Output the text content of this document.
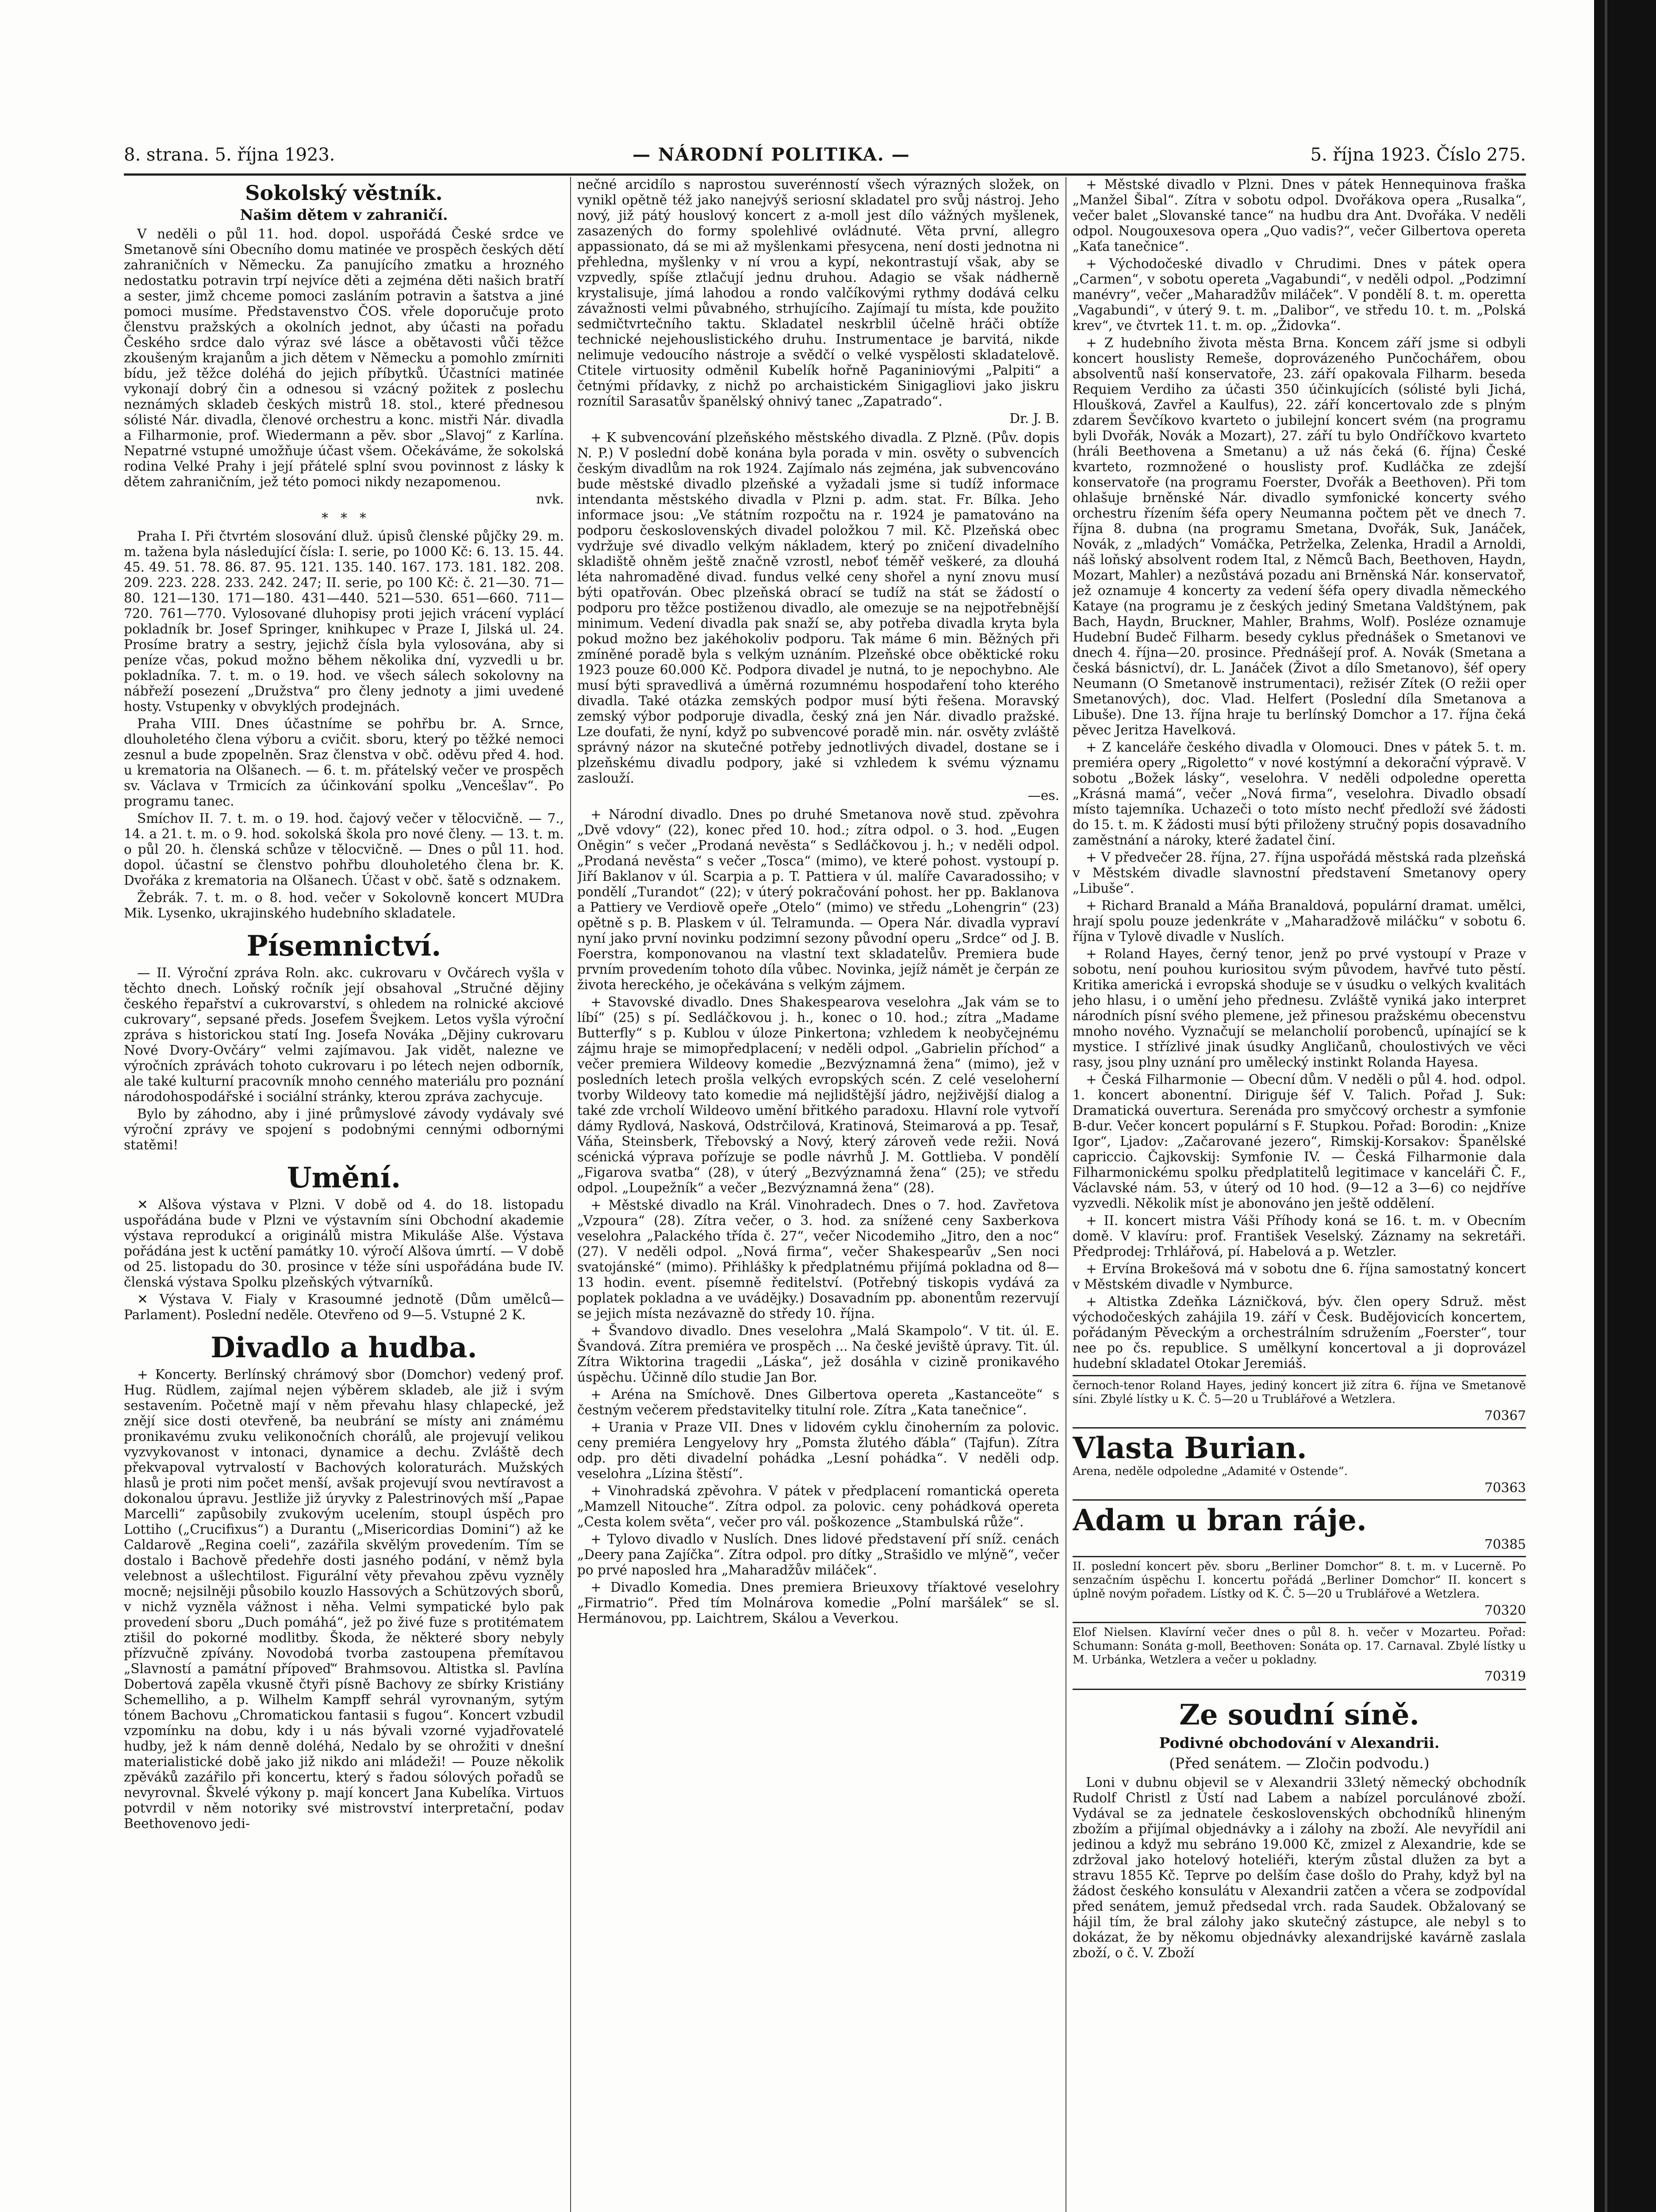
8. strana. 5. října 1923.	— NÁRODNÍ POLITIKA. —	5. října 1923. Číslo 275.
Sokolský věstník.
Našim dětem v zahraničí.

V neděli o půl 11. hod. dopol. uspořádá České srdce ve Smetanově síni Obecního domu matinée ve prospěch českých dětí zahraničních v Německu. Za panujícího zmatku a hrozného nedostatku potravin trpí nejvíce děti a zejména děti našich bratří a sester, jimž chceme pomoci zasláním potravin a šatstva a jiné pomoci musíme. Představenstvo ČOS. vřele doporučuje proto členstvu pražských a okolních jednot, aby účasti na pořadu Českého srdce dalo výraz své lásce a obětavosti vůči těžce zkoušeným krajanům a jich dětem v Německu a pomohlo zmírniti bídu, jež těžce doléhá do jejich příbytků. Účastníci matinée vykonají dobrý čin a odnesou si vzácný požitek z poslechu neznámých skladeb českých mistrů 18. stol., které přednesou sólisté Nár. divadla, členové orchestru a konc. mistři Nár. divadla a Filharmonie, prof. Wiedermann a pěv. sbor „Slavoj“ z Karlína. Nepatrné vstupné umožňuje účast všem. Očekáváme, že sokolská rodina Velké Prahy i její přátelé splní svou povinnost z lásky k dětem zahraničním, jež této pomoci nikdy nezapomenou.

nvk.
*   *   *

Praha I. Při čtvrtém slosování dluž. úpisů členské půjčky 29. m. m. tažena byla následující čísla: I. serie, po 1000 Kč: 6. 13. 15. 44. 45. 49. 51. 78. 86. 87. 95. 121. 135. 140. 167. 173. 181. 182. 208. 209. 223. 228. 233. 242. 247; II. serie, po 100 Kč: č. 21—30. 71—80. 121—130. 171—180. 431—440. 521—530. 651—660. 711—720. 761—770. Vylosované dluhopisy proti jejich vrácení vyplácí pokladník br. Josef Springer, knihkupec v Praze I, Jilská ul. 24. Prosíme bratry a sestry, jejichž čísla byla vylosována, aby si peníze včas, pokud možno během několika dní, vyzvedli u br. pokladníka. 7. t. m. o 19. hod. ve všech sálech sokolovny na nábřeží posezení „Družstva“ pro členy jednoty a jimi uvedené hosty. Vstupenky v obvyklých prodejnách.

Praha VIII. Dnes účastníme se pohřbu br. A. Srnce, dlouholetého člena výboru a cvičit. sboru, který po těžké nemoci zesnul a bude zpopelněn. Sraz členstva v obč. oděvu před 4. hod. u krematoria na Olšanech. — 6. t. m. přátelský večer ve prospěch sv. Václava v Trmicích za účinkování spolku „Vencešlav“. Po programu tanec.

Smíchov II. 7. t. m. o 19. hod. čajový večer v tělocvičně. — 7., 14. a 21. t. m. o 9. hod. sokolská škola pro nové členy. — 13. t. m. o půl 20. h. členská schůze v tělocvičně. — Dnes o půl 11. hod. dopol. účastní se členstvo pohřbu dlouholetého člena br. K. Dvořáka z krematoria na Olšanech. Účast v obč. šatě s odznakem.

Žebrák. 7. t. m. o 8. hod. večer v Sokolovně koncert MUDra Mik. Lysenko, ukrajinského hudebního skladatele.

Písemnictví.

— II. Výroční zpráva Roln. akc. cukrovaru v Ovčárech vyšla v těchto dnech. Loňský ročník její obsahoval „Stručné dějiny českého řepařství a cukrovarství, s ohledem na rolnické akciové cukrovary“, sepsané předs. Josefem Švejkem. Letos vyšla výroční zpráva s historickou statí Ing. Josefa Nováka „Dějiny cukrovaru Nové Dvory-Ovčáry“ velmi zajímavou. Jak vidět, nalezne ve výročních zprávách tohoto cukrovaru i po létech nejen odborník, ale také kulturní pracovník mnoho cenného materiálu pro poznání národohospodářské i sociální stránky, kterou zpráva zachycuje.

Bylo by záhodno, aby i jiné průmyslové závody vydávaly své výroční zprávy ve spojení s podobnými cennými odbornými statěmi!

Umění.

✕ Alšova výstava v Plzni. V době od 4. do 18. listopadu uspořádána bude v Plzni ve výstavním síni Obchodní akademie výstava reprodukcí a originálů mistra Mikuláše Alše. Výstava pořádána jest k uctění památky 10. výročí Alšova úmrtí. — V době od 25. listopadu do 30. prosince v téže síni uspořádána bude IV. členská výstava Spolku plzeňských výtvarníků.

✕ Výstava V. Fialy v Krasoumné jednotě (Dům umělců—Parlament). Poslední neděle. Otevřeno od 9—5. Vstupné 2 K.

Divadlo a hudba.

+ Koncerty. Berlínský chrámový sbor (Domchor) vedený prof. Hug. Rüdlem, zajímal nejen výběrem skladeb, ale již i svým sestavením. Početně mají v něm převahu hlasy chlapecké, jež znějí sice dosti otevřeně, ba neubrání se místy ani známému pronikavému zvuku velikonočních chorálů, ale projevují velikou vyzvykovanost v intonaci, dynamice a dechu. Zvláště dech překvapoval vytrvalostí v Bachových koloraturách. Mužských hlasů je proti nim počet menší, avšak projevují svou nevtíravost a dokonalou úpravu. Jestliže již úryvky z Palestrinových mší „Papae Marcelli“ zapůsobily zvukovým ucelením, stoupl úspěch pro Lottiho („Crucifixus“) a Durantu („Misericordias Domini“) až ke Caldarově „Regina coeli“, zazářila skvělým provedením. Tím se dostalo i Bachově předehře dosti jasného podání, v němž byla velebnost a ušlechtilost. Figurální věty převahou zpěvu vyzněly mocně; nejsilněji působilo kouzlo Hassových a Schützových sborů, v nichž vyzněla vážnost i něha. Velmi sympatické bylo pak provedení sboru „Duch pomáhá“, jež po živé fuze s protitématem ztišil do pokorné modlitby. Škoda, že některé sbory nebyly přízvučně zpívány. Novodobá tvorba zastoupena přemítavou „Slavností a památní přípoveď“ Brahmsovou. Altistka sl. Pavlína Dobertová zapěla vkusně čtyři písně Bachovy ze sbírky Kristiány Schemelliho, a p. Wilhelm Kampff sehrál vyrovnaným, sytým tónem Bachovu „Chromatickou fantasii s fugou“. Koncert vzbudil vzpomínku na dobu, kdy i u nás bývali vzorné vyjadřovatelé hudby, jež k nám denně doléhá, Nedalo by se ohrožiti v dnešní materialistické době jako již nikdo ani mládeži! — Pouze několik zpěváků zazářilo při koncertu, který s řadou sólových pořadů se nevyrovnal. Škvelé výkony p. mají koncert Jana Kubelíka. Virtuos potvrdil v něm notoriky své mistrovství interpretační, podav Beethovenovo jedi-

nečné arcidílo s naprostou suverénností všech výrazných složek, on vynikl opětně též jako nanejvýš seriosní skladatel pro svůj nástroj. Jeho nový, již pátý houslový koncert z a-moll jest dílo vážných myšlenek, zasazených do formy spolehlivé ovládnuté. Věta první, allegro appassionato, dá se mi až myšlenkami přesycena, není dosti jednotna ni přehledna, myšlenky v ní vrou a kypí, nekontrastují však, aby se vzpvedly, spíše ztlačují jednu druhou. Adagio se však nádherně krystalisuje, jímá lahodou a rondo valčíkovými rythmy dodává celku závažnosti velmi půvabného, strhujícího. Zajímají tu místa, kde použito sedmičtvrtečního taktu. Skladatel neskrblil účelně hráči obtíže technické nejehouslistického druhu. Instrumentace je barvitá, nikde nelimuje vedoucího nástroje a svědčí o velké vyspělosti skladatelově. Ctitele virtuosity odměnil Kubelík hořně Paganiniovými „Palpiti“ a četnými přídavky, z nichž po archaistickém Sinigagliovi jako jiskru roznítil Sarasatův španělský ohnivý tanec „Zapatrado“.

Dr. J. B.

+ K subvencování plzeňského městského divadla. Z Plzně. (Pův. dopis N. P.) V poslední době konána byla porada v min. osvěty o subvencích českým divadlům na rok 1924. Zajímalo nás zejména, jak subvencováno bude městské divadlo plzeňské a vyžadali jsme si tudíž informace intendanta městského divadla v Plzni p. adm. stat. Fr. Bílka. Jeho informace jsou: „Ve státním rozpočtu na r. 1924 je pamatováno na podporu československých divadel položkou 7 mil. Kč. Plzeňská obec vydržuje své divadlo velkým nákladem, který po zničení divadelního skladiště ohněm ještě značně vzrostl, neboť téměř veškeré, za dlouhá léta nahromaděné divad. fundus velké ceny shořel a nyní znovu musí býti opatřován. Obec plzeňská obrací se tudíž na stát se žádostí o podporu pro těžce postiženou divadlo, ale omezuje se na nejpotřebnější minimum. Vedení divadla pak snaží se, aby potřeba divadla kryta byla pokud možno bez jakéhokoliv podporu. Tak máme 6 min. Běžných při zmíněné poradě byla s velkým uznáním. Plzeňské obce oběktické roku 1923 pouze 60.000 Kč. Podpora divadel je nutná, to je nepochybno. Ale musí býti spravedlivá a úměrná rozumnému hospodaření toho kterého divadla. Také otázka zemských podpor musí býti řešena. Moravský zemský výbor podporuje divadla, český zná jen Nár. divadlo pražské. Lze doufati, že nyní, když po subvencové poradě min. nár. osvěty zvláště správný názor na skutečné potřeby jednotlivých divadel, dostane se i plzeňskému divadlu podpory, jaké si vzhledem k svému významu zaslouží.

—es.

+ Národní divadlo. Dnes po druhé Smetanova nově stud. zpěvohra „Dvě vdovy“ (22), konec před 10. hod.; zítra odpol. o 3. hod. „Eugen Oněgin“ s večer „Prodaná nevěsta“ s Sedláčkovou j. h.; v neděli odpol. „Prodaná nevěsta“ s večer „Tosca“ (mimo), ve které pohost. vystoupí p. Jiří Baklanov v úl. Scarpia a p. T. Pattiera v úl. malíře Cavaradossiho; v pondělí „Turandot“ (22); v úterý pokračování pohost. her pp. Baklanova a Pattiery ve Verdiově opeře „Otelo“ (mimo) ve středu „Lohengrin“ (23) opětně s p. B. Plaskem v úl. Telramunda. — Opera Nár. divadla vypraví nyní jako první novinku podzimní sezony původní operu „Srdce“ od J. B. Foerstra, komponovanou na vlastní text skladatelův. Premiera bude prvním provedením tohoto díla vůbec. Novinka, jejíž námět je čerpán ze života hereckého, je očekávána s velkým zájmem.

+ Stavovské divadlo. Dnes Shakespearova veselohra „Jak vám se to líbí“ (25) s pí. Sedláčkovou j. h., konec o 10. hod.; zítra „Madame Butterfly“ s p. Kublou v úloze Pinkertona; vzhledem k neobyčejnému zájmu hraje se mimopředplacení; v neděli odpol. „Gabrielin příchod“ a večer premiera Wildeovy komedie „Bezvýznamná žena“ (mimo), jež v posledních letech prošla velkých evropských scén. Z celé veseloherní tvorby Wildeovy tato komedie má nejlidštější jádro, nejživější dialog a také zde vrcholí Wildeovo umění břitkého paradoxu. Hlavní role vytvoří dámy Rydlová, Nasková, Odstrčilová, Kratinová, Steimarová a pp. Tesař, Váňa, Steinsberk, Třebovský a Nový, který zároveň vede režii. Nová scénická výprava pořízuje se podle návrhů J. M. Gottlieba. V pondělí „Figarova svatba“ (28), v úterý „Bezvýznamná žena“ (25); ve středu odpol. „Loupežník“ a večer „Bezvýznamná žena“ (28).

+ Městské divadlo na Král. Vinohradech. Dnes o 7. hod. Zavřetova „Vzpoura“ (28). Zítra večer, o 3. hod. za snížené ceny Saxberkova veselohra „Palackého třída č. 27“, večer Nicodemiho „Jitro, den a noc“ (27). V neděli odpol. „Nová firma“, večer Shakespearův „Sen noci svatojánské“ (mimo). Přihlášky k předplatnému přijímá pokladna od 8—13 hodin. event. písemně ředitelství. (Potřebný tiskopis vydává za poplatek pokladna a ve uvádějky.) Dosavadním pp. abonentům rezervují se jejich místa nezávazně do středy 10. října.

+ Švandovo divadlo. Dnes veselohra „Malá Skampolo“. V tit. úl. E. Švandová. Zítra premiéra ve prospěch ... Na české jeviště úpravy. Tit. úl. Zítra Wiktorina tragedii „Láska“, jež dosáhla v cizině pronikavého úspěchu. Účinně dílo studie Jan Bor.

+ Aréna na Smíchově. Dnes Gilbertova opereta „Kastanceöte“ s čestným večerem představitelky titulní role. Zítra „Kata tanečnice“.

+ Urania v Praze VII. Dnes v lidovém cyklu činoherním za polovic. ceny premiéra Lengyelovy hry „Pomsta žlutého ďábla“ (Tajfun). Zítra odp. pro děti divadelní pohádka „Lesní pohádka“. V neděli odp. veselohra „Lízina štěstí“.

+ Vinohradská zpěvohra. V pátek v předplacení romantická opereta „Mamzell Nitouche“. Zítra odpol. za polovic. ceny pohádková opereta „Cesta kolem světa“, večer pro vál. poškozence „Stambulská růže“.

+ Tylovo divadlo v Nuslích. Dnes lidové představení pří sníž. cenách „Deery pana Zajíčka“. Zítra odpol. pro dítky „Strašidlo ve mlýně“, večer po prvé naposled hra „Maharadžův miláček“.

+ Divadlo Komedia. Dnes premiera Brieuxovy tříaktové veselohry „Firmatrio“. Před tím Molnárova komedie „Polní maršálek“ se sl. Hermánovou, pp. Laichtrem, Skálou a Veverkou.

+ Městské divadlo v Plzni. Dnes v pátek Hennequinova fraška „Manžel Šibal“. Zítra v sobotu odpol. Dvořákova opera „Rusalka“, večer balet „Slovanské tance“ na hudbu dra Ant. Dvořáka. V neděli odpol. Nougouxesova opera „Quo vadis?“, večer Gilbertova opereta „Kaťa tanečnice“.

+ Východočeské divadlo v Chrudimi. Dnes v pátek opera „Carmen“, v sobotu opereta „Vagabundi“, v neděli odpol. „Podzimní manévry“, večer „Maharadžův miláček“. V pondělí 8. t. m. operetta „Vagabundi“, v úterý 9. t. m. „Dalibor“, ve středu 10. t. m. „Polská krev“, ve čtvrtek 11. t. m. op. „Židovka“.

+ Z hudebního života města Brna. Koncem září jsme si odbyli koncert houslisty Remeše, doprovázeného Punčochářem, obou absolventů naší konservatoře, 23. září opakovala Filharm. beseda Requiem Verdiho za účasti 350 účinkujících (sólisté byli Jichá, Hloušková, Zavřel a Kaulfus), 22. září koncertovalo zde s plným zdarem Ševčíkovo kvarteto o jubilejní koncert svém (na programu byli Dvořák, Novák a Mozart), 27. září tu bylo Ondříčkovo kvarteto (hráli Beethovena a Smetanu) a už nás čeká (6. října) České kvarteto, rozmnožené o houslisty prof. Kudláčka ze zdejší konservatoře (na programu Foerster, Dvořák a Beethoven). Při tom ohlašuje brněnské Nár. divadlo symfonické koncerty svého orchestru řízením šéfa opery Neumanna počtem pět ve dnech 7. října 8. dubna (na programu Smetana, Dvořák, Suk, Janáček, Novák, z „mladých“ Vomáčka, Petrželka, Zelenka, Hradil a Arnoldi, náš loňský absolvent rodem Ital, z Němců Bach, Beethoven, Haydn, Mozart, Mahler) a nezůstává pozadu ani Brněnská Nár. konservatoř, jež oznamuje 4 koncerty za vedení šéfa opery divadla německého Kataye (na programu je z českých jediný Smetana Valdštýnem, pak Bach, Haydn, Bruckner, Mahler, Brahms, Wolf). Posléze oznamuje Hudební Budeč Filharm. besedy cyklus přednášek o Smetanovi ve dnech 4. října—20. prosince. Přednášejí prof. A. Novák (Smetana a česká básnictví), dr. L. Janáček (Život a dílo Smetanovo), šéf opery Neumann (O Smetanově instrumentaci), režisér Zítek (O režii oper Smetanových), doc. Vlad. Helfert (Poslední díla Smetanova a Libuše). Dne 13. října hraje tu berlínský Domchor a 17. října čeká pěvec Jeritza Havelková.

+ Z kanceláře českého divadla v Olomouci. Dnes v pátek 5. t. m. premiéra opery „Rigoletto“ v nové kostýmní a dekorační výpravě. V sobotu „Božek lásky“, veselohra. V neděli odpoledne operetta „Krásná mamá“, večer „Nová firma“, veselohra. Divadlo obsadí místo tajemníka. Uchazeči o toto místo nechť předloží své žádosti do 15. t. m. K žádosti musí býti přiloženy stručný popis dosavadního zaměstnání a nároky, které žadatel činí.

+ V předvečer 28. října, 27. října uspořádá městská rada plzeňská v Městském divadle slavnostní představení Smetanovy opery „Libuše“.

+ Richard Branald a Máňa Branaldová, populární dramat. umělci, hrají spolu pouze jedenkráte v „Maharadžově miláčku“ v sobotu 6. října v Tylově divadle v Nuslích.

+ Roland Hayes, černý tenor, jenž po prvé vystoupí v Praze v sobotu, není pouhou kuriositou svým původem, havřvé tuto pěstí. Kritika americká i evropská shoduje se v úsudku o velkých kvalitách jeho hlasu, i o umění jeho přednesu. Zvláště vyniká jako interpret národních písní svého plemene, jež přinesou pražskému obecenstvu mnoho nového. Vyznačují se melancholií porobenců, upínající se k mystice. I střízlivé jinak úsudky Angličanů, choulostivých ve věci rasy, jsou plny uznání pro umělecký instinkt Rolanda Hayesa.

+ Česká Filharmonie — Obecní dům. V neděli o půl 4. hod. odpol. 1. koncert abonentní. Diriguje šéf V. Talich. Pořad J. Suk: Dramatická ouvertura. Serenáda pro smyčcový orchestr a symfonie B-dur. Večer koncert populární s F. Stupkou. Pořad: Borodin: „Knize Igor“, Ljadov: „Začarované jezero“, Rimskij-Korsakov: Španělské capriccio. Čajkovskij: Symfonie IV. — Česká Filharmonie dala Filharmonickému spolku předplatitelů legitimace v kanceláři Č. F., Václavské nám. 53, v úterý od 10 hod. (9—12 a 3—6) co nejdříve vyzvedli. Několik míst je abonováno jen ještě oddělení.

+ II. koncert mistra Váši Příhody koná se 16. t. m. v Obecním domě. V klavíru: prof. František Veselský. Záznamy na sekretáři. Předprodej: Trhlářová, pí. Habelová a p. Wetzler.

+ Ervína Brokešová má v sobotu dne 6. října samostatný koncert v Městském divadle v Nymburce.

+ Altistka Zdeňka Lázničková, býv. člen opery Sdruž. měst východočeských zahájila 19. září v Česk. Budějovicích koncertem, pořádaným Pěveckým a orchestrálním sdružením „Foerster“, tour nee po čs. republice. S umělkyní koncertoval a ji doprovázel hudební skladatel Otokar Jeremiáš.

černoch-tenor Roland Hayes, jediný koncert již zítra 6. října ve Smetanově síni. Zbylé lístky u K. Č. 5—20 u Trublářové a Wetzlera.

70367
Vlasta Burian.

Arena, neděle odpoledne „Adamité v Ostende“.

70363
Adam u bran ráje.
70385

II. poslední koncert pěv. sboru „Berliner Domchor“ 8. t. m. v Lucerně. Po senzačním úspěchu I. koncertu pořádá „Berliner Domchor“ II. koncert s úplně novým pořadem. Lístky od K. Č. 5—20 u Trublářové a Wetzlera.

70320

Elof Nielsen. Klavírní večer dnes o půl 8. h. večer v Mozarteu. Pořad: Schumann: Sonáta g-moll, Beethoven: Sonáta op. 17. Carnaval. Zbylé lístky u M. Urbánka, Wetzlera a večer u pokladny.

70319
Ze soudní síně.
Podivné obchodování v Alexandrii.
(Před senátem. — Zločin podvodu.)

Loni v dubnu objevil se v Alexandrii 33letý německý obchodník Rudolf Christl z Ústí nad Labem a nabízel porculánové zboží. Vydával se za jednatele československých obchodníků hlineným zbožím a přijímal objednávky a i zálohy na zboží. Ale nevyřídil ani jedinou a když mu sebráno 19.000 Kč, zmizel z Alexandrie, kde se zdržoval jako hotelový hoteliéři, kterým zůstal dlužen za byt a stravu 1855 Kč. Teprve po delším čase došlo do Prahy, když byl na žádost českého konsulátu v Alexandrii zatčen a včera se zodpovídal před senátem, jemuž předsedal vrch. rada Saudek. Obžalovaný se hájil tím, že bral zálohy jako skutečný zástupce, ale nebyl s to dokázat, že by někomu objednávky alexandrijské kavárně zaslala zboží, o č. V. Zboží
